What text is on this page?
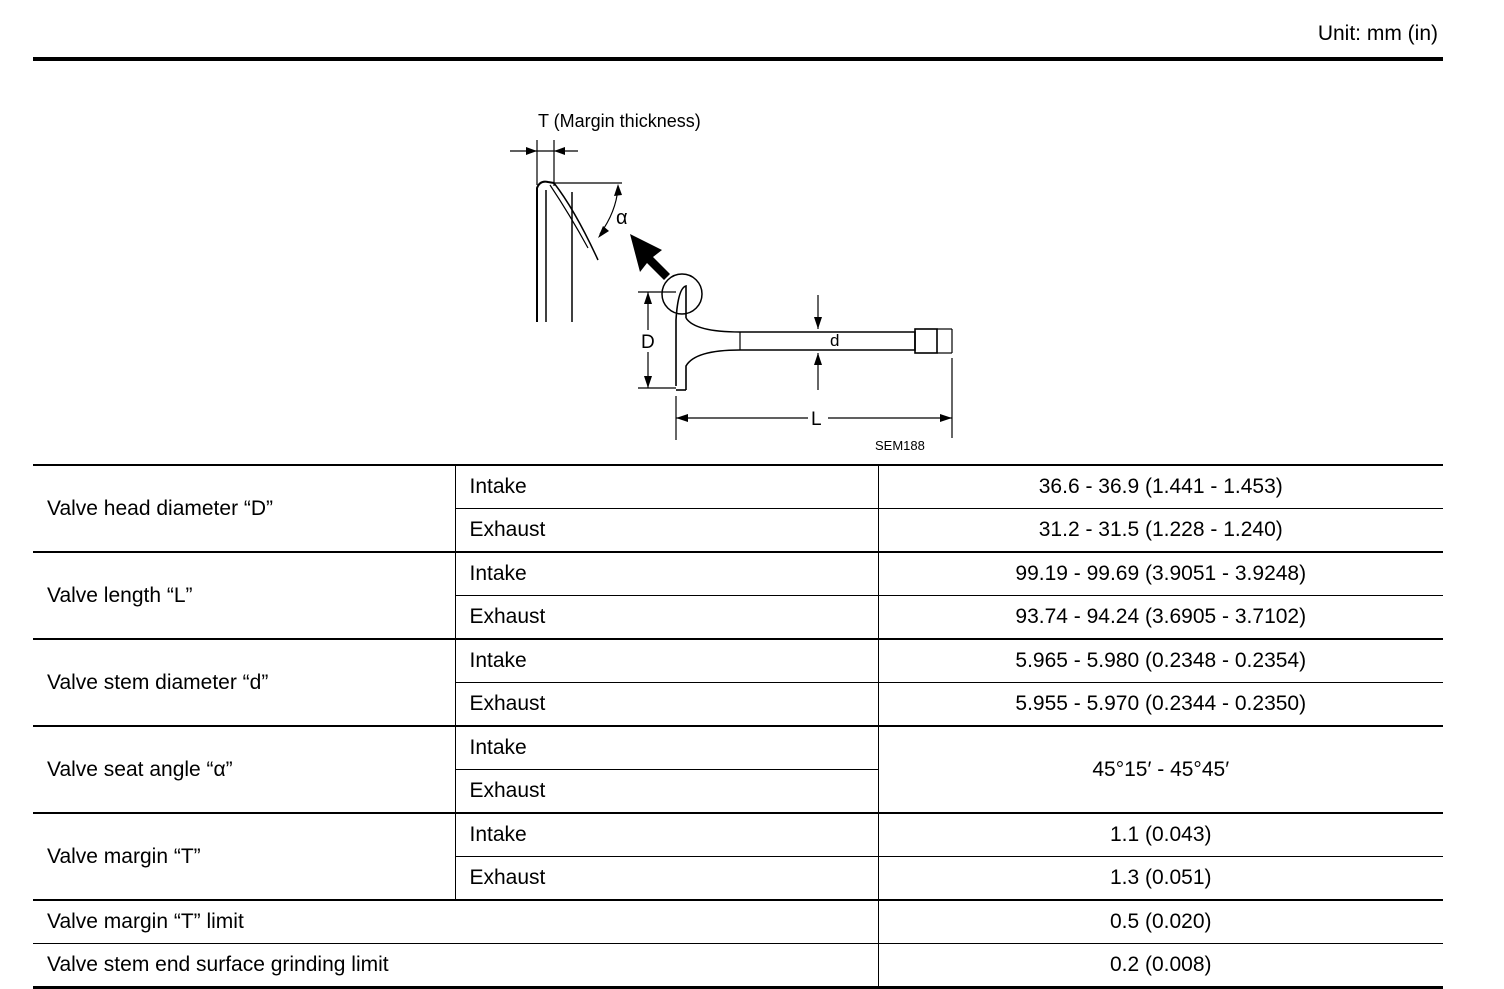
Unit: mm (in)
T (Margin thickness)
α
D	d
L
SEM188
Valve head diameter “D”	Intake	36.6 - 36.9 (1.441 - 1.453)
	Exhaust	31.2 - 31.5 (1.228 - 1.240)
Valve length “L”	Intake	99.19 - 99.69 (3.9051 - 3.9248)
	Exhaust	93.74 - 94.24 (3.6905 - 3.7102)
Valve stem diameter “d”	Intake	5.965 - 5.980 (0.2348 - 0.2354)
	Exhaust	5.955 - 5.970 (0.2344 - 0.2350)
Valve seat angle “α”	Intake	45°15′ - 45°45′
	Exhaust	
Valve margin “T”	Intake	1.1 (0.043)
	Exhaust	1.3 (0.051)
Valve margin “T” limit		0.5 (0.020)
Valve stem end surface grinding limit		0.2 (0.008)
